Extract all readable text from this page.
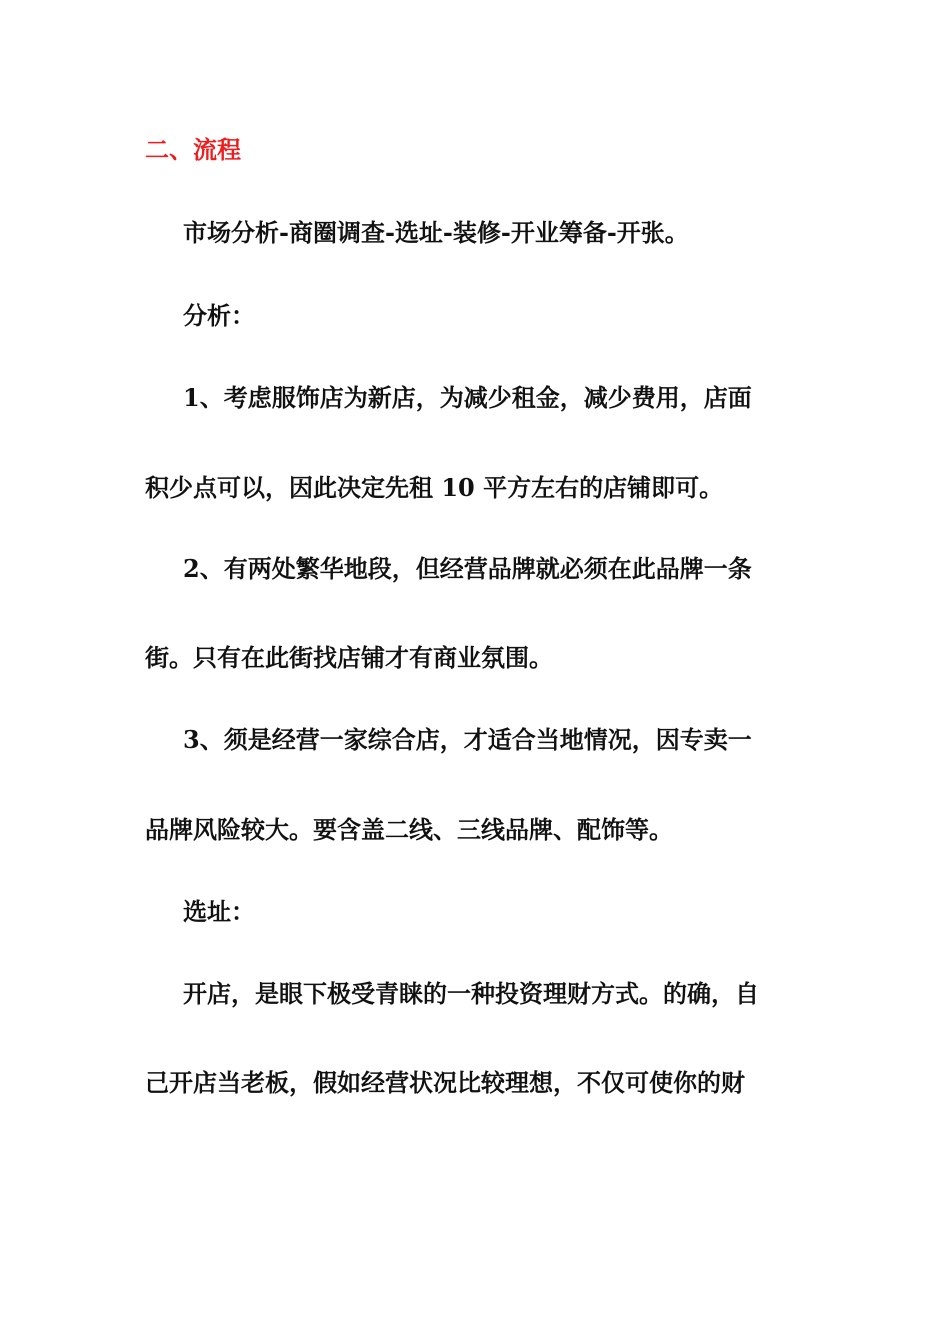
二、流程
市场分析-商圈调查-选址-装修-开业筹备-开张。
分析：
1、考虑服饰店为新店，为减少租金，减少费用，店面
积少点可以，因此决定先租 10 平方左右的店铺即可。
2、有两处繁华地段，但经营品牌就必须在此品牌一条
街。只有在此街找店铺才有商业氛围。
3、须是经营一家综合店，才适合当地情况，因专卖一
品牌风险较大。要含盖二线、三线品牌、配饰等。
选址：
开店，是眼下极受青睐的一种投资理财方式。的确，自
己开店当老板，假如经营状况比较理想，不仅可使你的财
